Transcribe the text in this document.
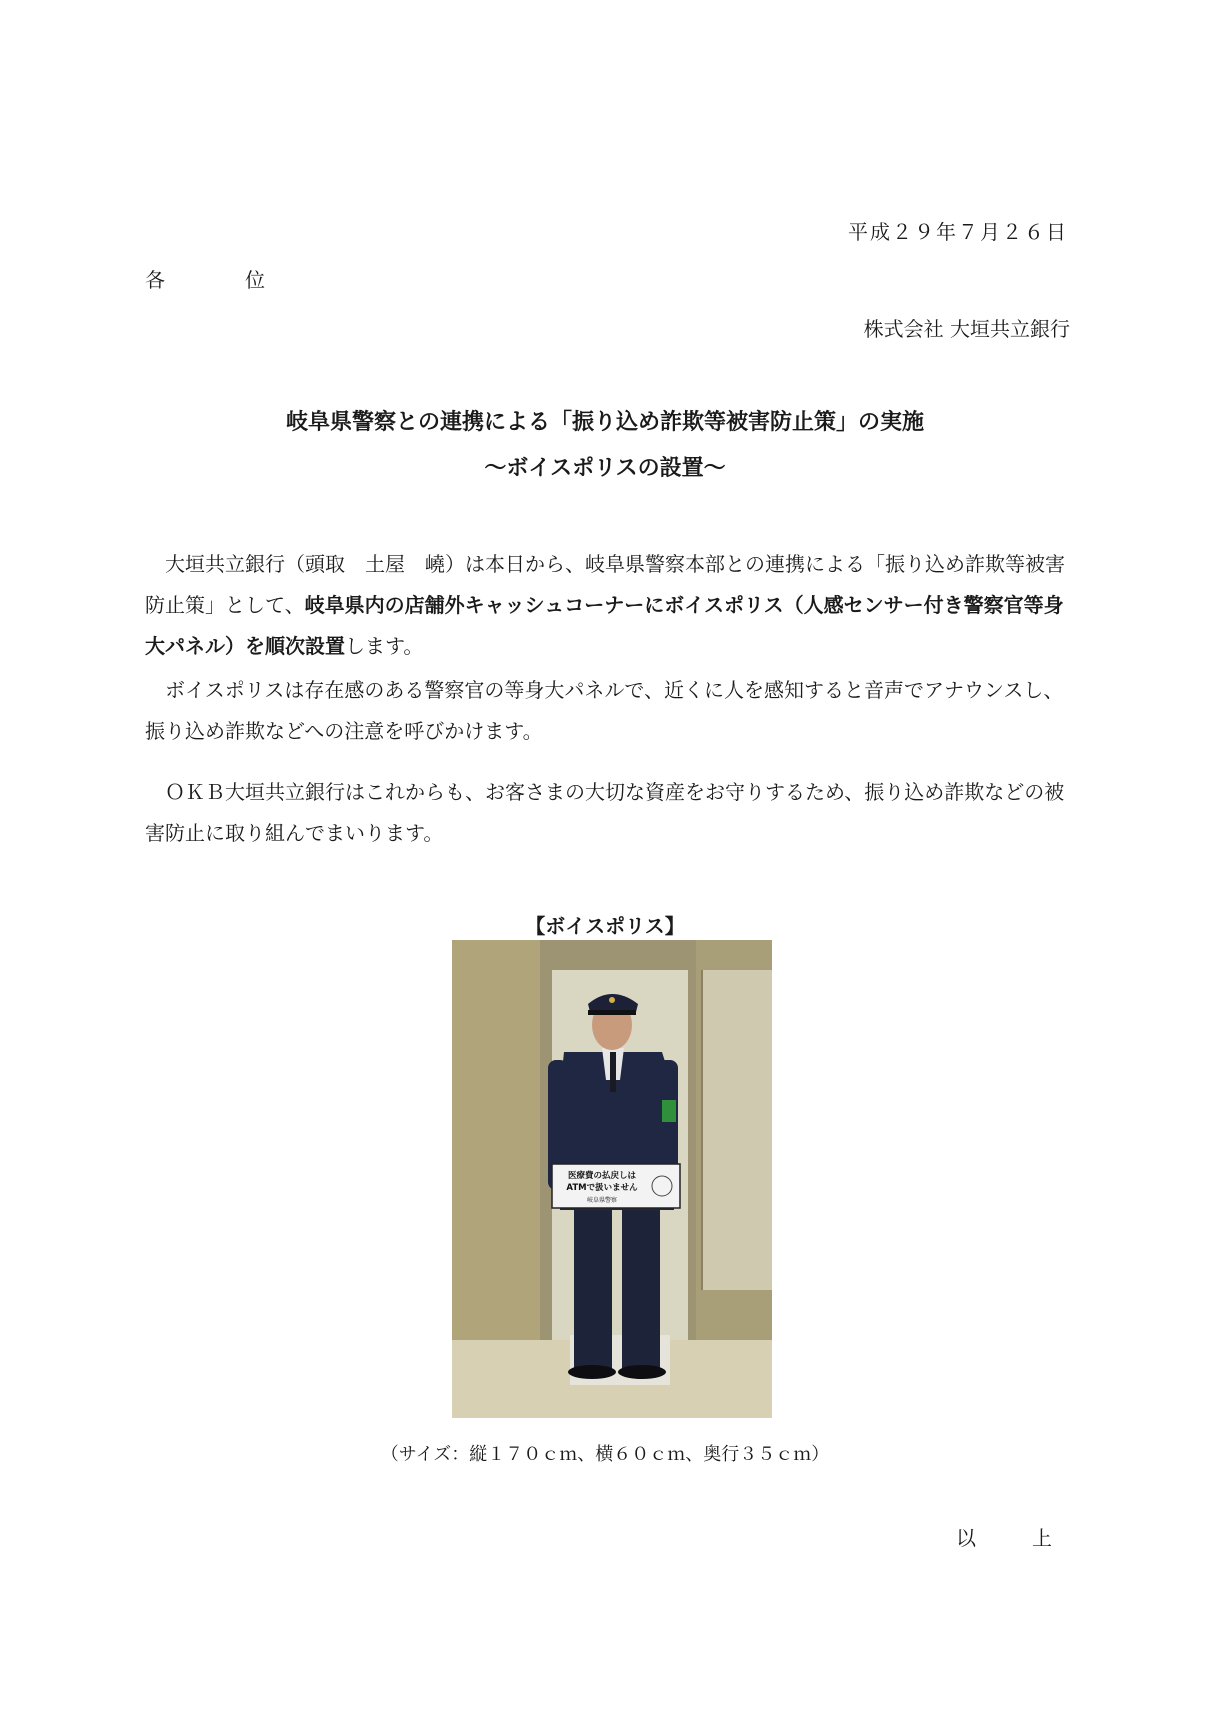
平成２９年７月２６日
各　位
株式会社 大垣共立銀行
岐阜県警察との連携による「振り込め詐欺等被害防止策」の実施
～ボイスポリスの設置～
大垣共立銀行（頭取　土屋　嶢）は本日から、岐阜県警察本部との連携による「振り込め詐欺等被害防止策」として、岐阜県内の店舗外キャッシュコーナーにボイスポリス（人感センサー付き警察官等身大パネル）を順次設置します。
ボイスポリスは存在感のある警察官の等身大パネルで、近くに人を感知すると音声でアナウンスし、振り込め詐欺などへの注意を呼びかけます。
ＯＫＢ大垣共立銀行はこれからも、お客さまの大切な資産をお守りするため、振り込め詐欺などの被害防止に取り組んでまいります。
【ボイスポリス】
医療費の払戻しは
ATMで扱いません
岐阜県警察
（サイズ：縦１７０ｃｍ、横６０ｃｍ、奥行３５ｃｍ）
以　上
